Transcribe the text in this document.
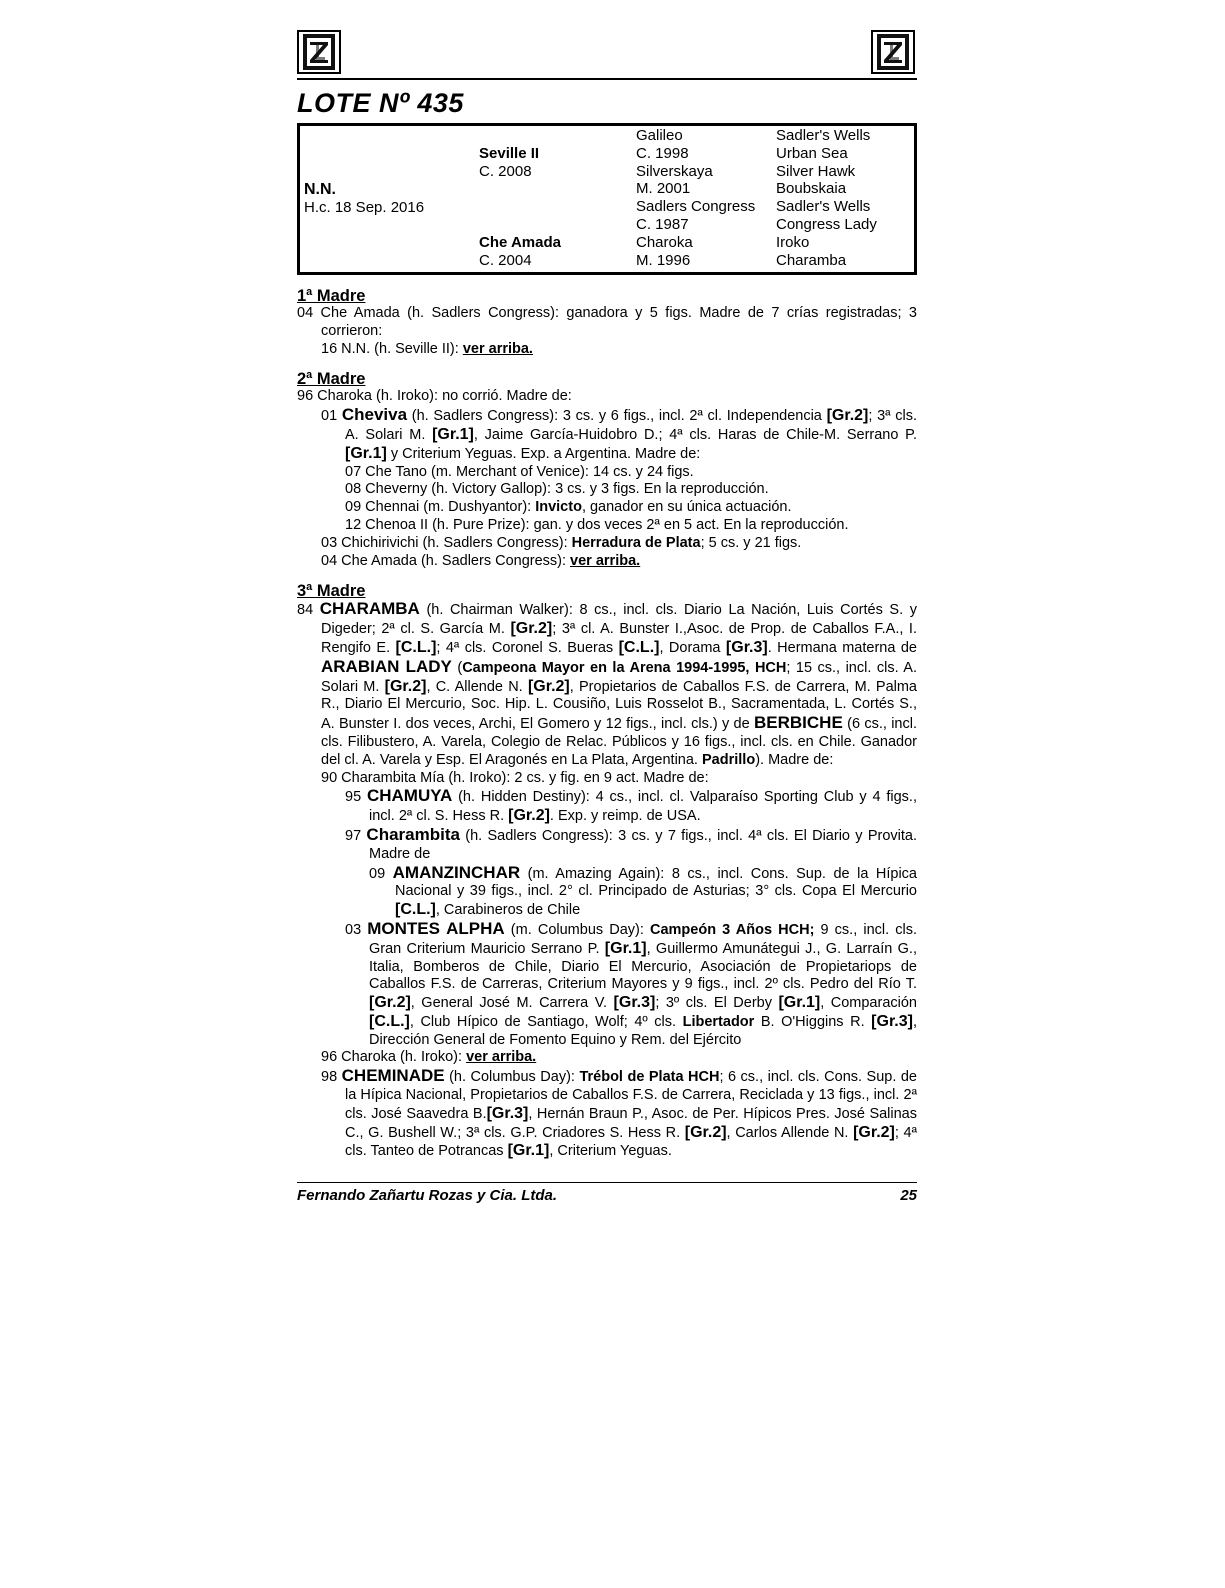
LOTE Nº 435
N.N.
H.c. 18 Sep. 2016
Seville II
C. 2008
Che Amada
C. 2004
Galileo
C. 1998
Silverskaya
M. 2001
Sadlers Congress
C. 1987
Charoka
M. 1996
Sadler's Wells
Urban Sea
Silver Hawk
Boubskaia
Sadler's Wells
Congress Lady
Iroko
Charamba
1ª Madre

04 Che Amada (h. Sadlers Congress): ganadora y 5 figs. Madre de 7 crías registradas; 3 corrieron:

16 N.N. (h. Seville II): ver arriba.

2ª Madre

96 Charoka (h. Iroko): no corrió. Madre de:

01 Cheviva (h. Sadlers Congress): 3 cs. y 6 figs., incl. 2ª cl. Independencia [Gr.2]; 3ª cls. A. Solari M. [Gr.1], Jaime García-Huidobro D.; 4ª cls. Haras de Chile-M. Serrano P. [Gr.1] y Criterium Yeguas. Exp. a Argentina. Madre de:

07 Che Tano (m. Merchant of Venice): 14 cs. y 24 figs.

08 Cheverny (h. Victory Gallop): 3 cs. y 3 figs. En la reproducción.

09 Chennai (m. Dushyantor): Invicto, ganador en su única actuación.

12 Chenoa II (h. Pure Prize): gan. y dos veces 2ª en 5 act. En la reproducción.

03 Chichirivichi (h. Sadlers Congress): Herradura de Plata; 5 cs. y 21 figs.

04 Che Amada (h. Sadlers Congress): ver arriba.

3ª Madre

84 CHARAMBA (h. Chairman Walker): 8 cs., incl. cls. Diario La Nación, Luis Cortés S. y Digeder; 2ª cl. S. García M. [Gr.2]; 3ª cl. A. Bunster I.,Asoc. de Prop. de Caballos F.A., I. Rengifo E. [C.L.]; 4ª cls. Coronel S. Bueras [C.L.], Dorama [Gr.3]. Hermana materna de ARABIAN LADY (Campeona Mayor en la Arena 1994-1995, HCH; 15 cs., incl. cls. A. Solari M. [Gr.2], C. Allende N. [Gr.2], Propietarios de Caballos F.S. de Carrera, M. Palma R., Diario El Mercurio, Soc. Hip. L. Cousiño, Luis Rosselot B., Sacramentada, L. Cortés S., A. Bunster I. dos veces, Archi, El Gomero y 12 figs., incl. cls.) y de BERBICHE (6 cs., incl. cls. Filibustero, A. Varela, Colegio de Relac. Públicos y 16 figs., incl. cls. en Chile. Ganador del cl. A. Varela y Esp. El Aragonés en La Plata, Argentina. Padrillo). Madre de:

90 Charambita Mía (h. Iroko): 2 cs. y fig. en 9 act. Madre de:

95 CHAMUYA (h. Hidden Destiny): 4 cs., incl. cl. Valparaíso Sporting Club y 4 figs., incl. 2ª cl. S. Hess R. [Gr.2]. Exp. y reimp. de USA.

97 Charambita (h. Sadlers Congress): 3 cs. y 7 figs., incl. 4ª cls. El Diario y Provita. Madre de

09 AMANZINCHAR (m. Amazing Again): 8 cs., incl. Cons. Sup. de la Hípica Nacional y 39 figs., incl. 2° cl. Principado de Asturias; 3° cls. Copa El Mercurio [C.L.], Carabineros de Chile

03 MONTES ALPHA (m. Columbus Day): Campeón 3 Años HCH; 9 cs., incl. cls. Gran Criterium Mauricio Serrano P. [Gr.1], Guillermo Amunátegui J., G. Larraín G., Italia, Bomberos de Chile, Diario El Mercurio, Asociación de Propietariops de Caballos F.S. de Carreras, Criterium Mayores y 9 figs., incl. 2º cls. Pedro del Río T. [Gr.2], General José M. Carrera V. [Gr.3]; 3º cls. El Derby [Gr.1], Comparación [C.L.], Club Hípico de Santiago, Wolf; 4º cls. Libertador B. O'Higgins R. [Gr.3], Dirección General de Fomento Equino y Rem. del Ejército

96 Charoka (h. Iroko): ver arriba.

98 CHEMINADE (h. Columbus Day): Trébol de Plata HCH; 6 cs., incl. cls. Cons. Sup. de la Hípica Nacional, Propietarios de Caballos F.S. de Carrera, Reciclada y 13 figs., incl. 2ª cls. José Saavedra B.[Gr.3], Hernán Braun P., Asoc. de Per. Hípicos Pres. José Salinas C., G. Bushell W.; 3ª cls. G.P. Criadores S. Hess R. [Gr.2], Carlos Allende N. [Gr.2]; 4ª cls. Tanteo de Potrancas [Gr.1], Criterium Yeguas.

Fernando Zañartu Rozas y Cia. Ltda.	25
